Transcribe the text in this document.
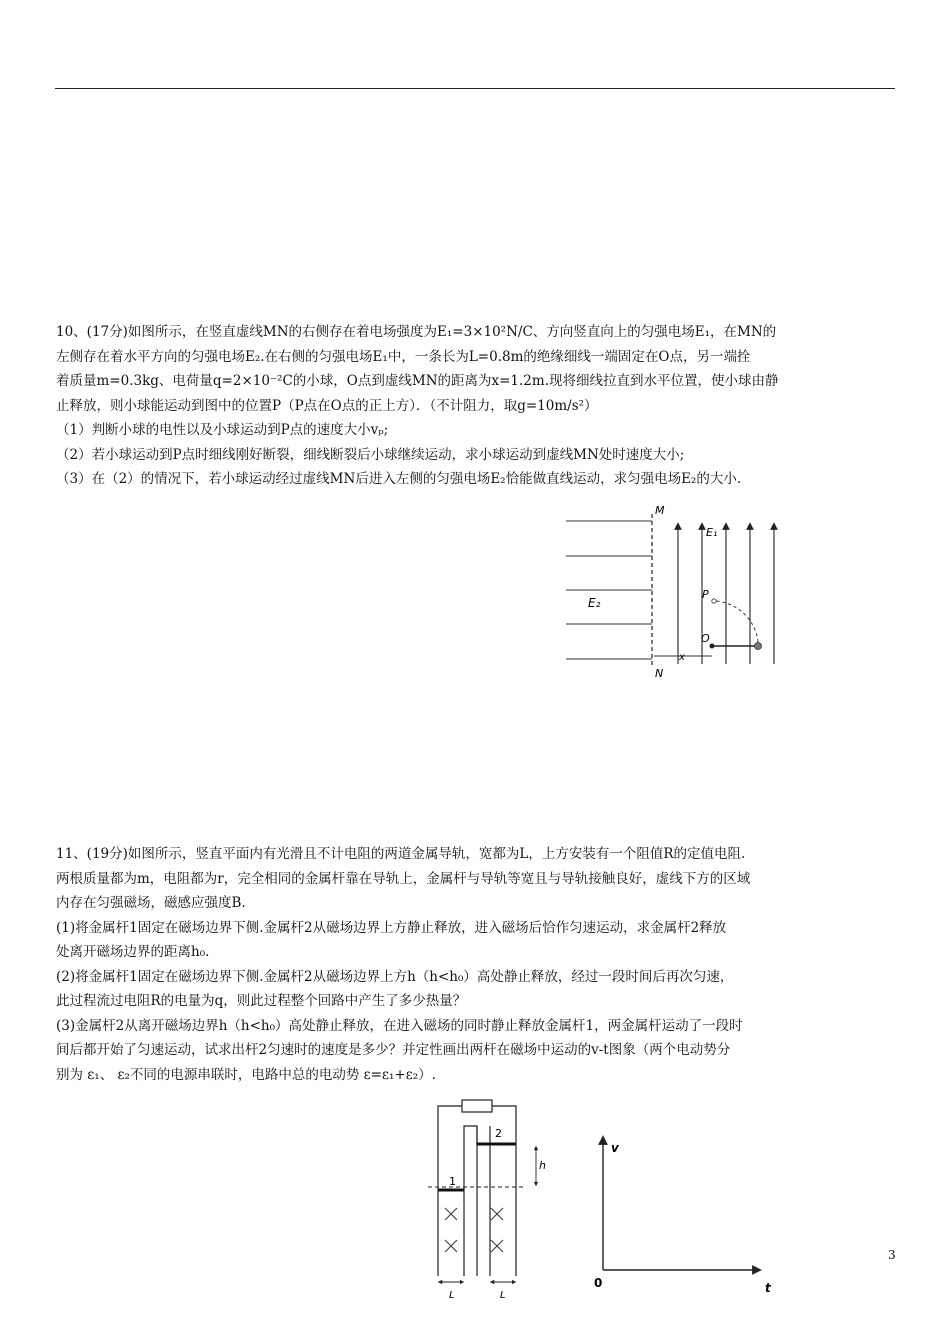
10、(17分)如图所示，在竖直虚线MN的右侧存在着电场强度为E₁=3×10²N/C、方向竖直向上的匀强电场E₁，在MN的

左侧存在着水平方向的匀强电场E₂.在右侧的匀强电场E₁中，一条长为L=0.8m的绝缘细线一端固定在O点，另一端拴

着质量m=0.3kg、电荷量q=2×10⁻²C的小球，O点到虚线MN的距离为x=1.2m.现将细线拉直到水平位置，使小球由静

止释放，则小球能运动到图中的位置P（P点在O点的正上方）．（不计阻力，取g=10m/s²）

（1）判断小球的电性以及小球运动到P点的速度大小vₚ;

（2）若小球运动到P点时细线刚好断裂，细线断裂后小球继续运动，求小球运动到虚线MN处时速度大小;

（3）在（2）的情况下，若小球运动经过虚线MN后进入左侧的匀强电场E₂恰能做直线运动，求匀强电场E₂的大小.

E₂
M
N
E₁
x
O
P

11、(19分)如图所示，竖直平面内有光滑且不计电阻的两道金属导轨，宽都为L，上方安装有一个阻值R的定值电阻.

两根质量都为m，电阻都为r，完全相同的金属杆靠在导轨上，金属杆与导轨等宽且与导轨接触良好，虚线下方的区域

内存在匀强磁场，磁感应强度B.

(1)将金属杆1固定在磁场边界下侧.金属杆2从磁场边界上方静止释放，进入磁场后恰作匀速运动，求金属杆2释放

处离开磁场边界的距离h₀.

(2)将金属杆1固定在磁场边界下侧.金属杆2从磁场边界上方h（h<h₀）高处静止释放，经过一段时间后再次匀速，

此过程流过电阻R的电量为q，则此过程整个回路中产生了多少热量？

(3)金属杆2从离开磁场边界h（h<h₀）高处静止释放，在进入磁场的同时静止释放金属杆1，两金属杆运动了一段时

间后都开始了匀速运动，试求出杆2匀速时的速度是多少？并定性画出两杆在磁场中运动的v-t图象（两个电动势分

别为 ε₁、 ε₂不同的电源串联时，电路中总的电动势 ε=ε₁+ε₂）.

2
h
1
L	L
v
t
0
3
